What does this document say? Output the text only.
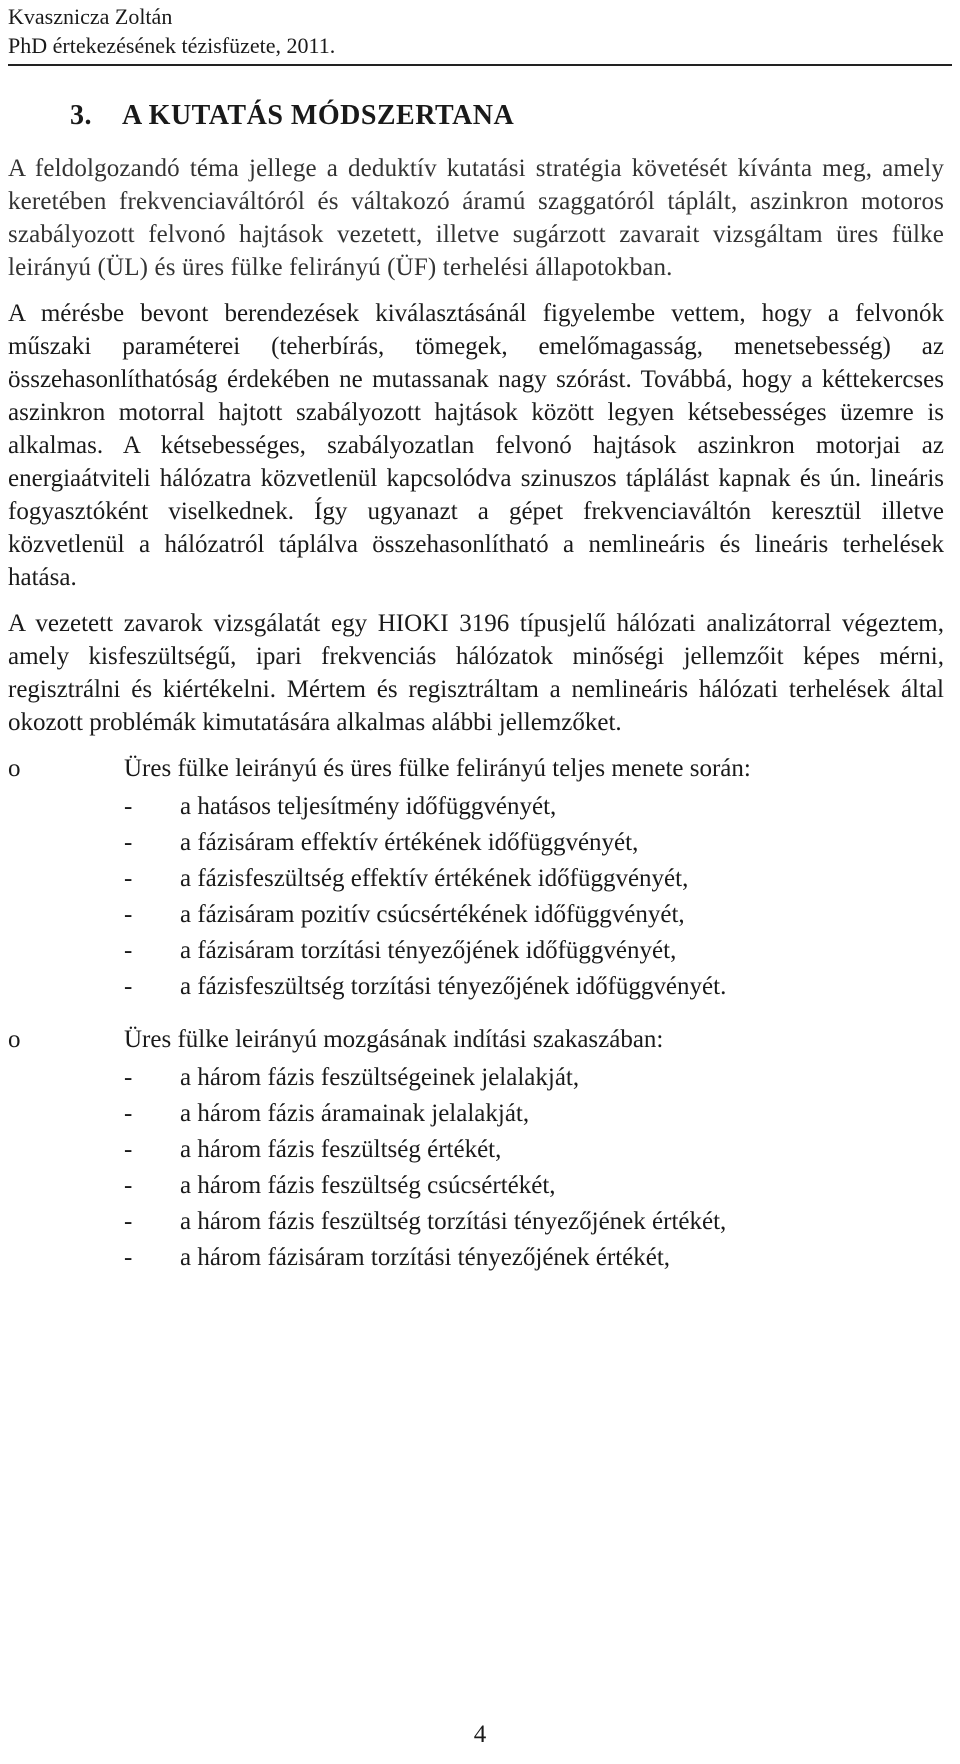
Kvasznicza Zoltán
PhD értekezésének tézisfüzete, 2011.
3. A KUTATÁS MÓDSZERTANA

A feldolgozandó téma jellege a deduktív kutatási stratégia követését kívánta meg, amely keretében frekvenciaváltóról és váltakozó áramú szaggatóról táplált, aszinkron motoros szabályozott felvonó hajtások vezetett, illetve sugárzott zavarait vizsgáltam üres fülke leirányú (ÜL) és üres fülke felirányú (ÜF) terhelési állapotokban.

A mérésbe bevont berendezések kiválasztásánál figyelembe vettem, hogy a felvonók műszaki paraméterei (teherbírás, tömegek, emelőmagasság, menetsebesség) az összehasonlíthatóság érdekében ne mutassanak nagy szórást. Továbbá, hogy a kéttekercses aszinkron motorral hajtott szabályozott hajtások között legyen kétsebességes üzemre is alkalmas. A kétsebességes, szabályozatlan felvonó hajtások aszinkron motorjai az energiaátviteli hálózatra közvetlenül kapcsolódva szinuszos táplálást kapnak és ún. lineáris fogyasztóként viselkednek. Így ugyanazt a gépet frekvenciaváltón keresztül illetve közvetlenül a hálózatról táplálva összehasonlítható a nemlineáris és lineáris terhelések hatása.

A vezetett zavarok vizsgálatát egy HIOKI 3196 típusjelű hálózati analizátorral végeztem, amely kisfeszültségű, ipari frekvenciás hálózatok minőségi jellemzőit képes mérni, regisztrálni és kiértékelni. Mértem és regisztráltam a nemlineáris hálózati terhelések által okozott problémák kimutatására alkalmas alábbi jellemzőket.

o	Üres fülke leirányú és üres fülke felirányú teljes menete során:
- a hatásos teljesítmény időfüggvényét,
- a fázisáram effektív értékének időfüggvényét,
- a fázisfeszültség effektív értékének időfüggvényét,
- a fázisáram pozitív csúcsértékének időfüggvényét,
- a fázisáram torzítási tényezőjének időfüggvényét,
- a fázisfeszültség torzítási tényezőjének időfüggvényét.
o	Üres fülke leirányú mozgásának indítási szakaszában:
- a három fázis feszültségeinek jelalakját,
- a három fázis áramainak jelalakját,
- a három fázis feszültség értékét,
- a három fázis feszültség csúcsértékét,
- a három fázis feszültség torzítási tényezőjének értékét,
- a három fázisáram torzítási tényezőjének értékét,
4
